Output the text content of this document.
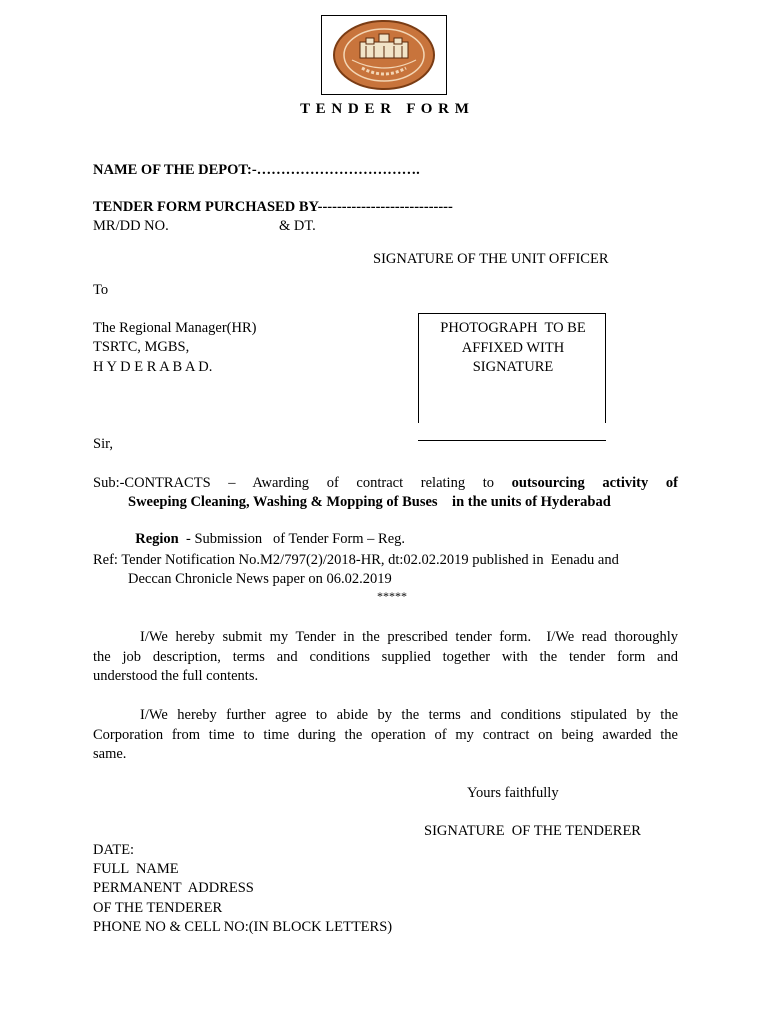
T E N D E R   F O R M
NAME OF THE DEPOT:-…………………………….
TENDER FORM PURCHASED BY----------------------------
MR/DD NO.	& DT.
SIGNATURE OF THE UNIT OFFICER
To
The Regional Manager(HR)
TSRTC, MGBS,
H Y D E R A B A D.
PHOTOGRAPH  TO BE
AFFIXED WITH
SIGNATURE
Sir,
Sub:-CONTRACTS – Awarding of contract relating to outsourcing activity of
Sweeping Cleaning, Washing & Mopping of Buses    in the units of Hyderabad

Region  - Submission   of Tender Form – Reg.

Ref: Tender Notification No.M2/797(2)/2018-HR, dt:02.02.2019 published in  Eenadu and
Deccan Chronicle News paper on 06.02.2019
*****
I/We hereby submit my Tender in the prescribed tender form.  I/We read thoroughly
the job description, terms and conditions supplied together with the tender form and
understood the full contents.
I/We hereby further agree to abide by the terms and conditions stipulated by the
Corporation from time to time during the operation of my contract on being awarded the
same.
Yours faithfully
SIGNATURE  OF THE TENDERER
DATE:
FULL  NAME
PERMANENT  ADDRESS
OF THE TENDERER
PHONE NO & CELL NO:(IN BLOCK LETTERS)
